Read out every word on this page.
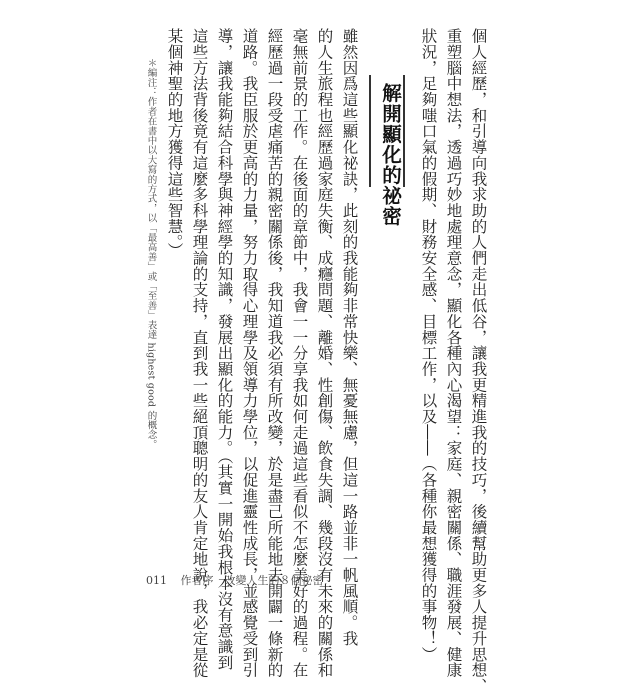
個人經歷，和引導向我求助的人們走出低谷，讓我更精進我的技巧，後續幫助更多人提升思想、
重塑腦中想法，透過巧妙地處理意念，顯化各種內心渴望：家庭、親密關係、職涯發展、健康
狀況，足夠嗤口氣的假期、財務安全感、目標工作，以及――（各種你最想獲得的事物！）
解開顯化的祕密
雖然因爲這些顯化祕訣，此刻的我能夠非常快樂、無憂無慮，但這一路並非一帆風順。我
的人生旅程也經歷過家庭失衡、成癮問題、離婚、性創傷、飲食失調、幾段沒有未來的關係和
毫無前景的工作。在後面的章節中，我會一一分享我如何走過這些看似不怎麼美好的過程。在
經歷過一段受虐痛苦的親密關係後，我知道我必須有所改變，於是盡己所能地去開闢一條新的
道路。我臣服於更高的力量，努力取得心理學及領導力學位，以促進靈性成長，並感覺受到引
導，讓我能夠結合科學與神經學的知識，發展出顯化的能力。（其實一開始我根本沒有意識到
這些方法背後竟有這麼多科學理論的支持，直到我一些絕頂聰明的友人肯定地說，我必定是從
某個神聖的地方獲得這些智慧。）
＊編注：作者在書中以大寫的方式，以「最高善」或「至善」表達 highest good 的概念。
011 作者序　改變人生的８個祕密
